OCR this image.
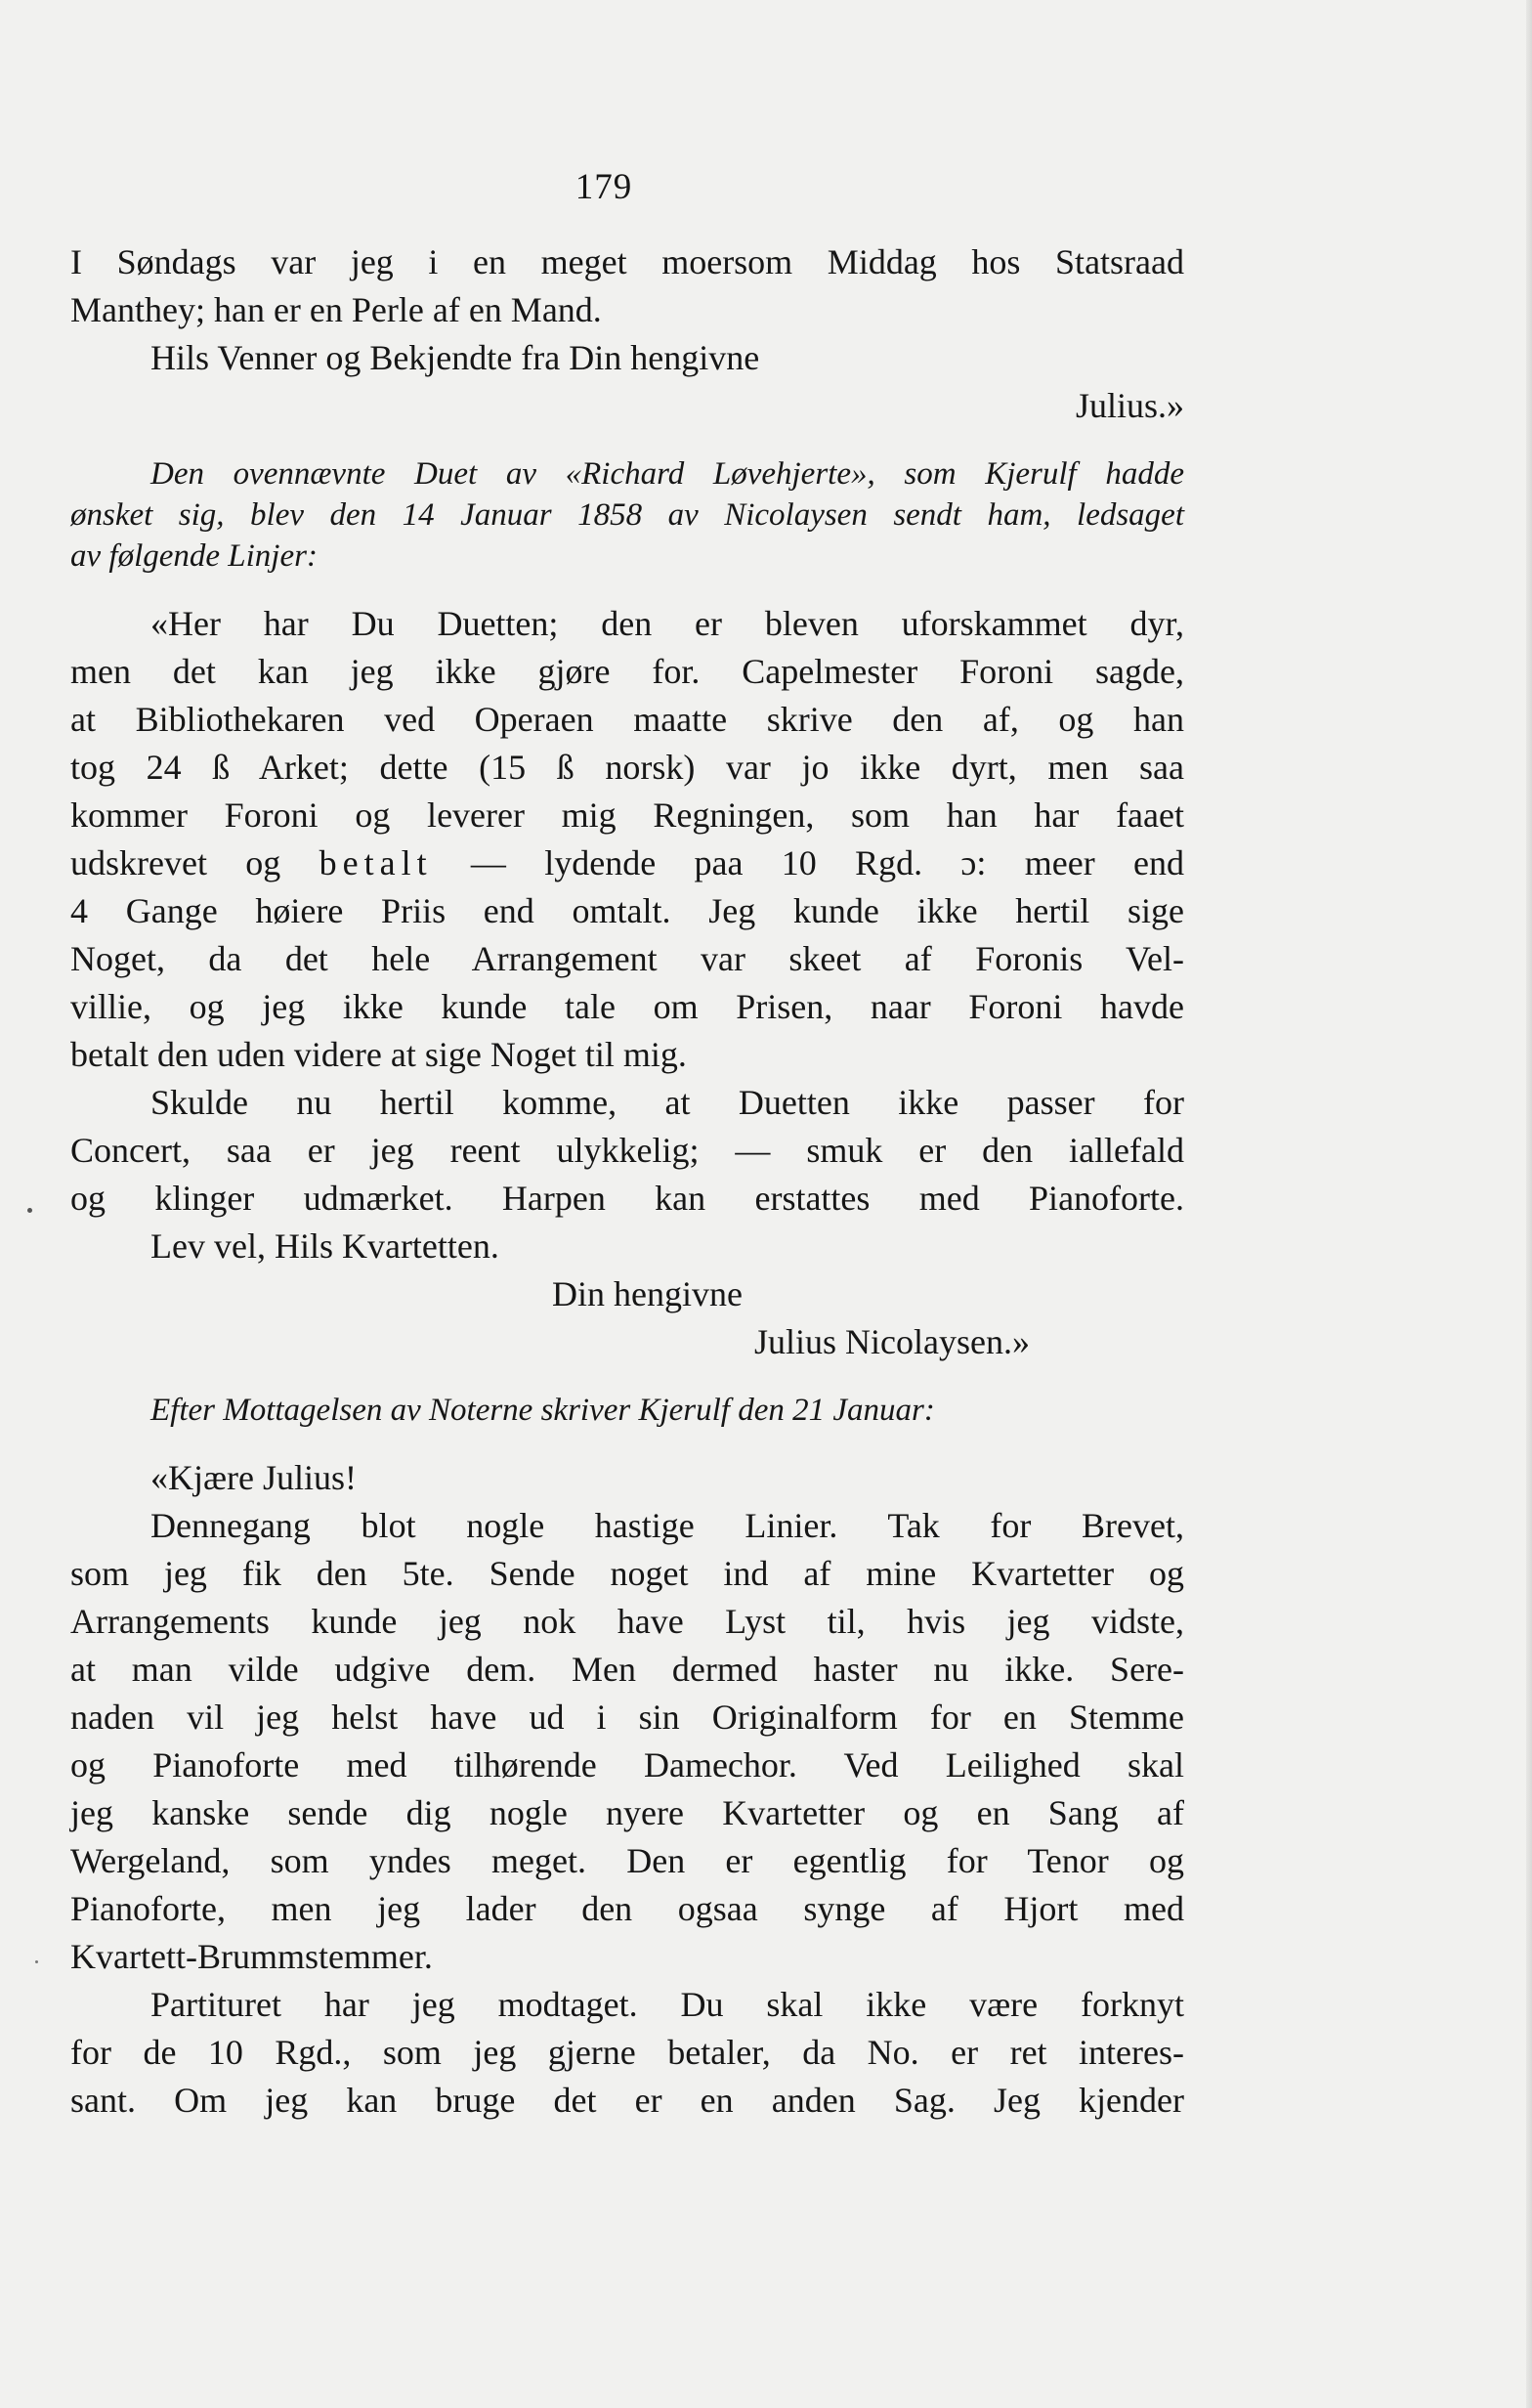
179
I Søndags var jeg i en meget moersom Middag hos Statsraad
Manthey; han er en Perle af en Mand.
Hils Venner og Bekjendte fra Din hengivne
Julius.»
Den ovennævnte Duet av «Richard Løvehjerte», som Kjerulf hadde
ønsket sig, blev den 14 Januar 1858 av Nicolaysen sendt ham, ledsaget
av følgende Linjer:
«Her har Du Duetten; den er bleven uforskammet dyr,
men det kan jeg ikke gjøre for. Capelmester Foroni sagde,
at Bibliothekaren ved Operaen maatte skrive den af, og han
tog 24 ß Arket; dette (15 ß norsk) var jo ikke dyrt, men saa
kommer Foroni og leverer mig Regningen, som han har faaet
udskrevet og betalt — lydende paa 10 Rgd. ɔ: meer end
4 Gange høiere Priis end omtalt. Jeg kunde ikke hertil sige
Noget, da det hele Arrangement var skeet af Foronis Vel-
villie, og jeg ikke kunde tale om Prisen, naar Foroni havde
betalt den uden videre at sige Noget til mig.
Skulde nu hertil komme, at Duetten ikke passer for
Concert, saa er jeg reent ulykkelig; — smuk er den iallefald
og klinger udmærket. Harpen kan erstattes med Pianoforte.
Lev vel, Hils Kvartetten.
Din hengivne
Julius Nicolaysen.»
Efter Mottagelsen av Noterne skriver Kjerulf den 21 Januar:
«Kjære Julius!
Dennegang blot nogle hastige Linier. Tak for Brevet,
som jeg fik den 5te. Sende noget ind af mine Kvartetter og
Arrangements kunde jeg nok have Lyst til, hvis jeg vidste,
at man vilde udgive dem. Men dermed haster nu ikke. Sere-
naden vil jeg helst have ud i sin Originalform for en Stemme
og Pianoforte med tilhørende Damechor. Ved Leilighed skal
jeg kanske sende dig nogle nyere Kvartetter og en Sang af
Wergeland, som yndes meget. Den er egentlig for Tenor og
Pianoforte, men jeg lader den ogsaa synge af Hjort med
Kvartett-Brummstemmer.
Partituret har jeg modtaget. Du skal ikke være forknyt
for de 10 Rgd., som jeg gjerne betaler, da No. er ret interes-
sant. Om jeg kan bruge det er en anden Sag. Jeg kjender
